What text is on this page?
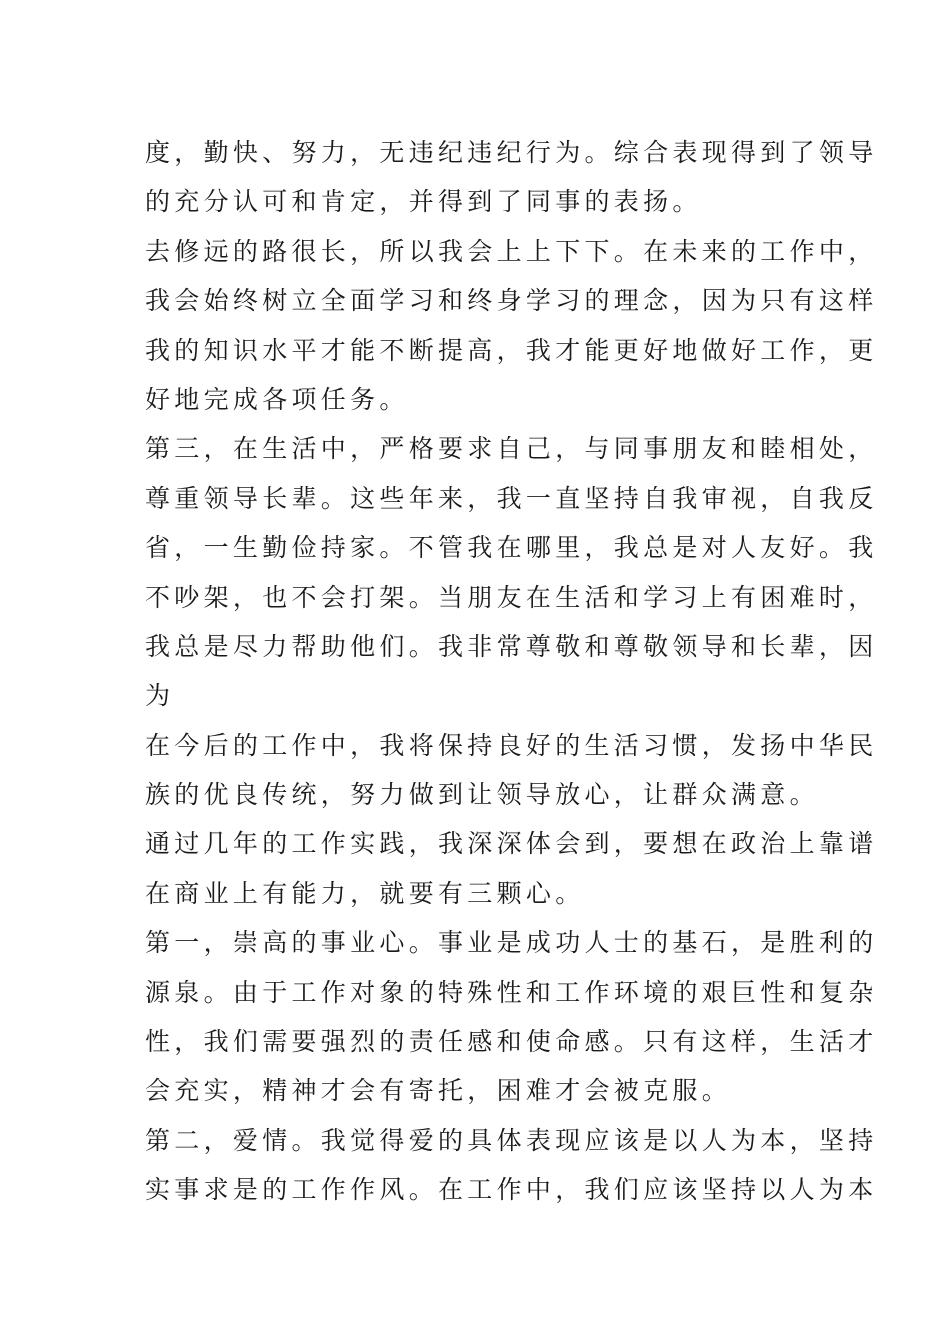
度，勤快、努力，无违纪违纪行为。综合表现得到了领导
的充分认可和肯定，并得到了同事的表扬。
去修远的路很长，所以我会上上下下。在未来的工作中，
我会始终树立全面学习和终身学习的理念，因为只有这样
我的知识水平才能不断提高，我才能更好地做好工作，更
好地完成各项任务。
第三，在生活中，严格要求自己，与同事朋友和睦相处，
尊重领导长辈。这些年来，我一直坚持自我审视，自我反
省，一生勤俭持家。不管我在哪里，我总是对人友好。我
不吵架，也不会打架。当朋友在生活和学习上有困难时，
我总是尽力帮助他们。我非常尊敬和尊敬领导和长辈，因
为
在今后的工作中，我将保持良好的生活习惯，发扬中华民
族的优良传统，努力做到让领导放心，让群众满意。
通过几年的工作实践，我深深体会到，要想在政治上靠谱
在商业上有能力，就要有三颗心。
第一，崇高的事业心。事业是成功人士的基石，是胜利的
源泉。由于工作对象的特殊性和工作环境的艰巨性和复杂
性，我们需要强烈的责任感和使命感。只有这样，生活才
会充实，精神才会有寄托，困难才会被克服。
第二，爱情。我觉得爱的具体表现应该是以人为本，坚持
实事求是的工作作风。在工作中，我们应该坚持以人为本
